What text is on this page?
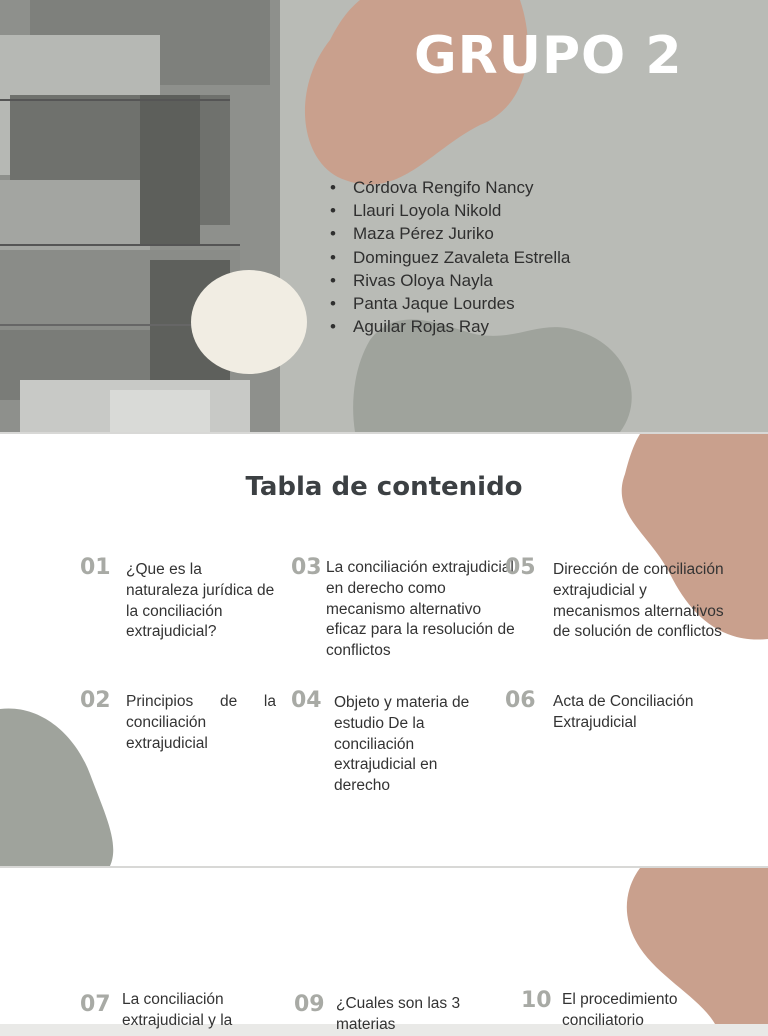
GRUPO 2
• Córdova Rengifo Nancy
• Llauri Loyola Nikold
• Maza Pérez Juriko
• Dominguez Zavaleta Estrella
• Rivas Oloya Nayla
• Panta Jaque Lourdes
• Aguilar Rojas Ray
Tabla de contenido
01 ¿Que es la naturaleza jurídica de la conciliación extrajudicial?
02 Principios de la conciliación extrajudicial
03 La conciliación extrajudicial en derecho como mecanismo alternativo eficaz para la resolución de conflictos
04 Objeto y materia de estudio De la conciliación extrajudicial en derecho
05 Dirección de conciliación extrajudicial y mecanismos alternativos de solución de conflictos
06 Acta de Conciliación Extrajudicial
07 La conciliación extrajudicial y la
09 ¿Cuales son las 3 materias
10 El procedimiento conciliatorio
